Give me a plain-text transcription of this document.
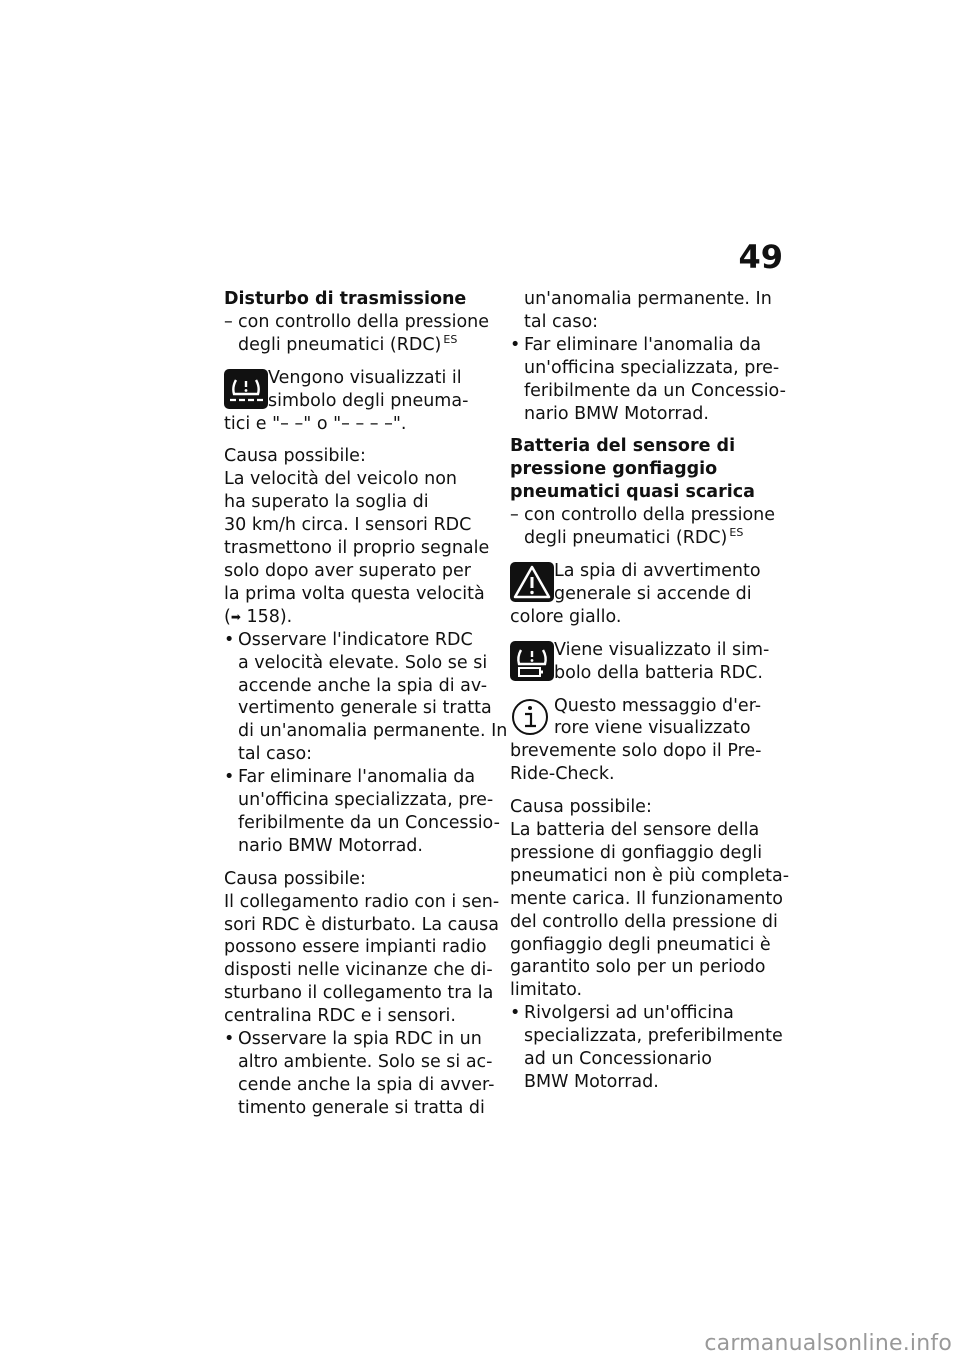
49

Disturbo di trasmissione

– con controllo della pressione

degli pneumatici (RDC) $^{ES}$

Vengono visualizzati il

simbolo degli pneuma-

tici e "– –" o "– – – –".

Causa possibile:

La velocità del veicolo non

ha superato la soglia di

30 km/h circa. I sensori RDC

trasmettono il proprio segnale

solo dopo aver superato per

la prima volta questa velocità

(➡ 158).

• Osservare l'indicatore RDC

a velocità elevate. Solo se si

accende anche la spia di av-

vertimento generale si tratta

di un'anomalia permanente. In

tal caso:

• Far eliminare l'anomalia da

un'officina specializzata, pre-

feribilmente da un Concessio-

nario BMW Motorrad.

Causa possibile:

Il collegamento radio con i sen-

sori RDC è disturbato. La causa

possono essere impianti radio

disposti nelle vicinanze che di-

sturbano il collegamento tra la

centralina RDC e i sensori.

• Osservare la spia RDC in un

altro ambiente. Solo se si ac-

cende anche la spia di avver-

timento generale si tratta di

un'anomalia permanente. In

tal caso:

• Far eliminare l'anomalia da

un'officina specializzata, pre-

feribilmente da un Concessio-

nario BMW Motorrad.

Batteria del sensore di

pressione gonfiaggio

pneumatici quasi scarica

– con controllo della pressione

degli pneumatici (RDC) $^{ES}$

La spia di avvertimento

generale si accende di

colore giallo.

Viene visualizzato il sim-

bolo della batteria RDC.

Questo messaggio d'er-

rore viene visualizzato

brevemente solo dopo il Pre-

Ride-Check.

Causa possibile:

La batteria del sensore della

pressione di gonfiaggio degli

pneumatici non è più completa-

mente carica. Il funzionamento

del controllo della pressione di

gonfiaggio degli pneumatici è

garantito solo per un periodo

limitato.

• Rivolgersi ad un'officina

specializzata, preferibilmente

ad un Concessionario

BMW Motorrad.

carmanualsonline.info
